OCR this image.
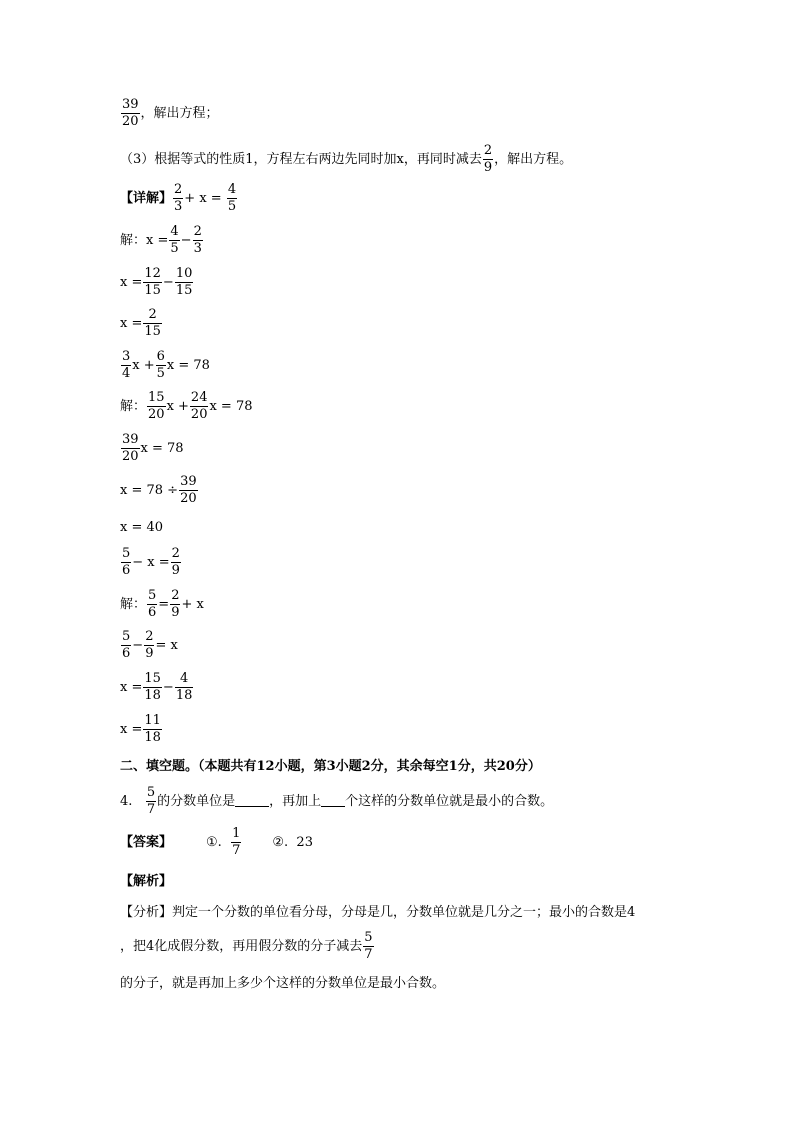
$\frac{39}{20}$ ，解出方程；
（3）根据等式的性质1，方程左右两边先同时加x，再同时减去 $\frac{2}{9}$ ，解出方程。
【详解】 $\frac{2}{3} + x = \frac{4}{5}$
解：$x = \frac{4}{5} - \frac{2}{3}$
$x = \frac{12}{15} - \frac{10}{15}$
$x = \frac{2}{15}$
$\frac{3}{4}$ $x + \frac{6}{5}$ x = 78
解： $\frac{15}{20}$ $x + \frac{24}{20}$ x = 78
$\frac{39}{20}$ x = 78
$x = 78 \div \frac{39}{20}$
x = 40
$\frac{5}{6} - x = \frac{2}{9}$
解： $\frac{5}{6} = \frac{2}{9} + x$
$\frac{5}{6} - \frac{2}{9} = x$
$x = \frac{15}{18} - \frac{4}{18}$
$x = \frac{11}{18}$
二、填空题。（本题共有12小题，第3小题2分，其余每空1分，共20分）
4. $\frac{5}{7}$ 的分数单位是	，再加上 个这样的分数单位就是最小的合数。
【答案】	①. $\frac{1}{7}$ ②. 23
【解析】
【分析】判定一个分数的单位看分母，分母是几，分数单位就是几分之一；最小的合数是4
，把4化成假分数，再用假分数的分子减去 $\frac{5}{7}$
的分子，就是再加上多少个这样的分数单位是最小合数。
